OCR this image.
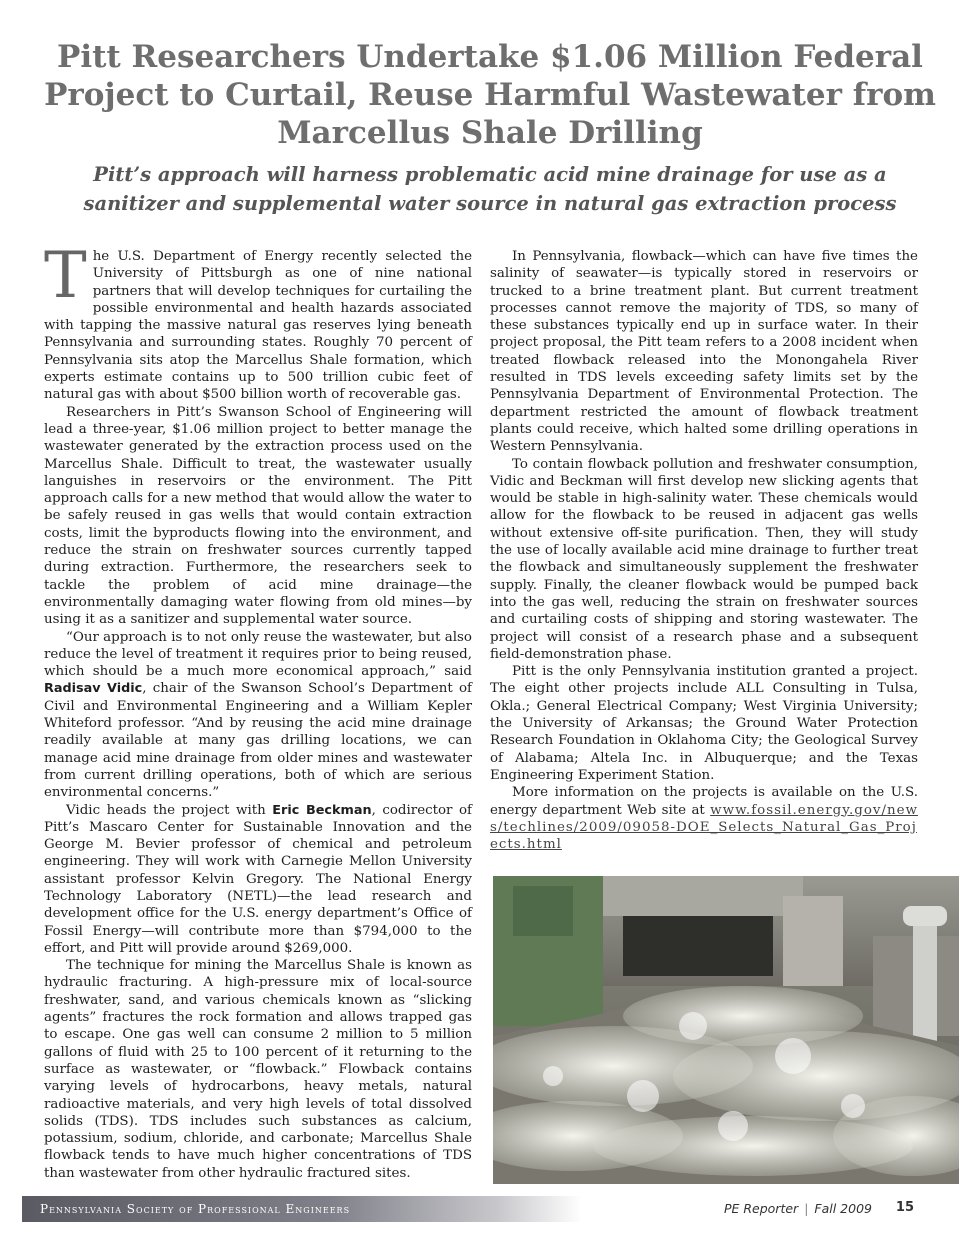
Pitt Researchers Undertake $1.06 Million Federal Project to Curtail, Reuse Harmful Wastewater from Marcellus Shale Drilling
Pitt’s approach will harness problematic acid mine drainage for use as a sanitizer and supplemental water source in natural gas extraction process

The U.S. Department of Energy recently selected the University of Pittsburgh as one of nine national partners that will develop techniques for curtailing the possible environmental and health hazards associated with tapping the massive natural gas reserves lying beneath Pennsylvania and surrounding states. Roughly 70 percent of Pennsylvania sits atop the Marcellus Shale formation, which experts estimate contains up to 500 trillion cubic feet of natural gas with about $500 billion worth of recoverable gas.

Researchers in Pitt’s Swanson School of Engineering will lead a three-year, $1.06 million project to better manage the wastewater generated by the extraction process used on the Marcellus Shale. Difficult to treat, the wastewater usually languishes in reservoirs or the environment. The Pitt approach calls for a new method that would allow the water to be safely reused in gas wells that would contain extraction costs, limit the byproducts flowing into the environment, and reduce the strain on freshwater sources currently tapped during extraction. Furthermore, the researchers seek to tackle the problem of acid mine drainage—the environmentally damaging water flowing from old mines—by using it as a sanitizer and supplemental water source.

“Our approach is to not only reuse the wastewater, but also reduce the level of treatment it requires prior to being reused, which should be a much more economical approach,” said Radisav Vidic, chair of the Swanson School’s Department of Civil and Environmental Engineering and a William Kepler Whiteford professor. “And by reusing the acid mine drainage readily available at many gas drilling locations, we can manage acid mine drainage from older mines and wastewater from current drilling operations, both of which are serious environmental concerns.”

Vidic heads the project with Eric Beckman, codirector of Pitt’s Mascaro Center for Sustainable Innovation and the George M. Bevier professor of chemical and petroleum engineering. They will work with Carnegie Mellon University assistant professor Kelvin Gregory. The National Energy Technology Laboratory (NETL)—the lead research and development office for the U.S. energy department’s Office of Fossil Energy—will contribute more than $794,000 to the effort, and Pitt will provide around $269,000.

The technique for mining the Marcellus Shale is known as hydraulic fracturing. A high-pressure mix of local-source freshwater, sand, and various chemicals known as “slicking agents” fractures the rock formation and allows trapped gas to escape. One gas well can consume 2 million to 5 million gallons of fluid with 25 to 100 percent of it returning to the surface as wastewater, or “flowback.” Flowback contains varying levels of hydrocarbons, heavy metals, natural radioactive materials, and very high levels of total dissolved solids (TDS). TDS includes such substances as calcium, potassium, sodium, chloride, and carbonate; Marcellus Shale flowback tends to have much higher concentrations of TDS than wastewater from other hydraulic fractured sites.

In Pennsylvania, flowback—which can have five times the salinity of seawater—is typically stored in reservoirs or trucked to a brine treatment plant. But current treatment processes cannot remove the majority of TDS, so many of these substances typically end up in surface water. In their project proposal, the Pitt team refers to a 2008 incident when treated flowback released into the Monongahela River resulted in TDS levels exceeding safety limits set by the Pennsylvania Department of Environmental Protection. The department restricted the amount of flowback treatment plants could receive, which halted some drilling operations in Western Pennsylvania.

To contain flowback pollution and freshwater consumption, Vidic and Beckman will first develop new slicking agents that would be stable in high-salinity water. These chemicals would allow for the flowback to be reused in adjacent gas wells without extensive off-site purification. Then, they will study the use of locally available acid mine drainage to further treat the flowback and simultaneously supplement the freshwater supply. Finally, the cleaner flowback would be pumped back into the gas well, reducing the strain on freshwater sources and curtailing costs of shipping and storing wastewater. The project will consist of a research phase and a subsequent field-demonstration phase.

Pitt is the only Pennsylvania institution granted a project. The eight other projects include ALL Consulting in Tulsa, Okla.; General Electrical Company; West Virginia University; the University of Arkansas; the Ground Water Protection Research Foundation in Oklahoma City; the Geological Survey of Alabama; Altela Inc. in Albuquerque; and the Texas Engineering Experiment Station.

More information on the projects is available on the U.S. energy department Web site at www.fossil.energy.gov/news/techlines/2009/09058-DOE_Selects_Natural_Gas_Projects.html

Pennsylvania Society of Professional Engineers	PE Reporter | Fall 2009 15
